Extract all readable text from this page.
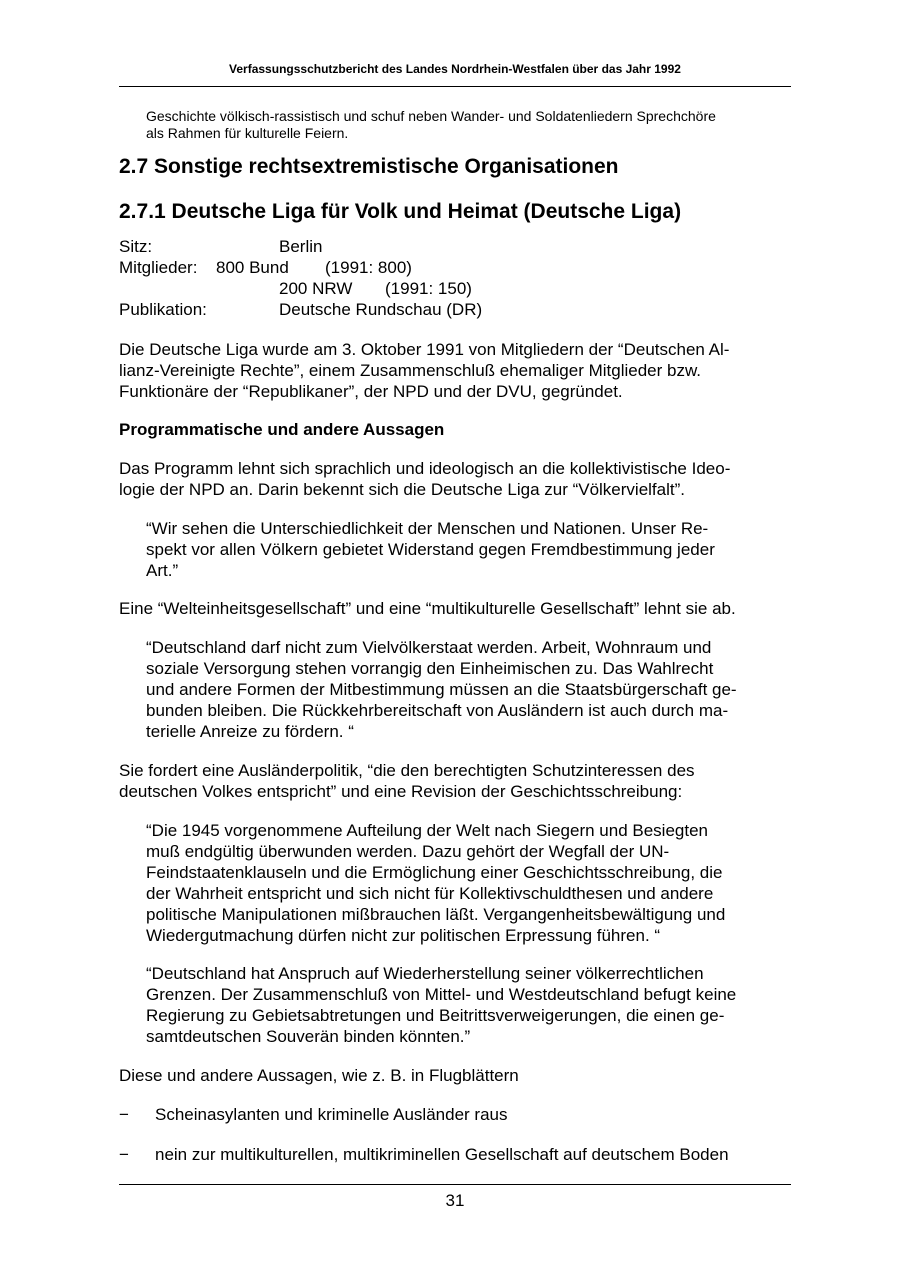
Verfassungsschutzbericht des Landes Nordrhein-Westfalen über das Jahr 1992
Geschichte völkisch-rassistisch und schuf neben Wander- und Soldatenliedern Sprechchöre
als Rahmen für kulturelle Feiern.
2.7 Sonstige rechtsextremistische Organisationen
2.7.1 Deutsche Liga für Volk und Heimat (Deutsche Liga)
Sitz:	Berlin
Mitglieder: 800 Bund (1991: 800)
200 NRW (1991: 150)
Publikation:	Deutsche Rundschau (DR)
Die Deutsche Liga wurde am 3. Oktober 1991 von Mitgliedern der “Deutschen Al-
lianz-Vereinigte Rechte”, einem Zusammenschluß ehemaliger Mitglieder bzw.
Funktionäre der “Republikaner”, der NPD und der DVU, gegründet.
Programmatische und andere Aussagen
Das Programm lehnt sich sprachlich und ideologisch an die kollektivistische Ideo-
logie der NPD an. Darin bekennt sich die Deutsche Liga zur “Völkervielfalt”.
“Wir sehen die Unterschiedlichkeit der Menschen und Nationen. Unser Re-
spekt vor allen Völkern gebietet Widerstand gegen Fremdbestimmung jeder
Art.”
Eine “Welteinheitsgesellschaft” und eine “multikulturelle Gesellschaft” lehnt sie ab.
“Deutschland darf nicht zum Vielvölkerstaat werden. Arbeit, Wohnraum und
soziale Versorgung stehen vorrangig den Einheimischen zu. Das Wahlrecht
und andere Formen der Mitbestimmung müssen an die Staatsbürgerschaft ge-
bunden bleiben. Die Rückkehrbereitschaft von Ausländern ist auch durch ma-
terielle Anreize zu fördern. “
Sie fordert eine Ausländerpolitik, “die den berechtigten Schutzinteressen des
deutschen Volkes entspricht” und eine Revision der Geschichtsschreibung:
“Die 1945 vorgenommene Aufteilung der Welt nach Siegern und Besiegten
muß endgültig überwunden werden. Dazu gehört der Wegfall der UN-
Feindstaatenklauseln und die Ermöglichung einer Geschichtsschreibung, die
der Wahrheit entspricht und sich nicht für Kollektivschuldthesen und andere
politische Manipulationen mißbrauchen läßt. Vergangenheitsbewältigung und
Wiedergutmachung dürfen nicht zur politischen Erpressung führen. “
“Deutschland hat Anspruch auf Wiederherstellung seiner völkerrechtlichen
Grenzen. Der Zusammenschluß von Mittel- und Westdeutschland befugt keine
Regierung zu Gebietsabtretungen und Beitrittsverweigerungen, die einen ge-
samtdeutschen Souverän binden könnten.”
Diese und andere Aussagen, wie z. B. in Flugblättern
− Scheinasylanten und kriminelle Ausländer raus
− nein zur multikulturellen, multikriminellen Gesellschaft auf deutschem Boden
31
